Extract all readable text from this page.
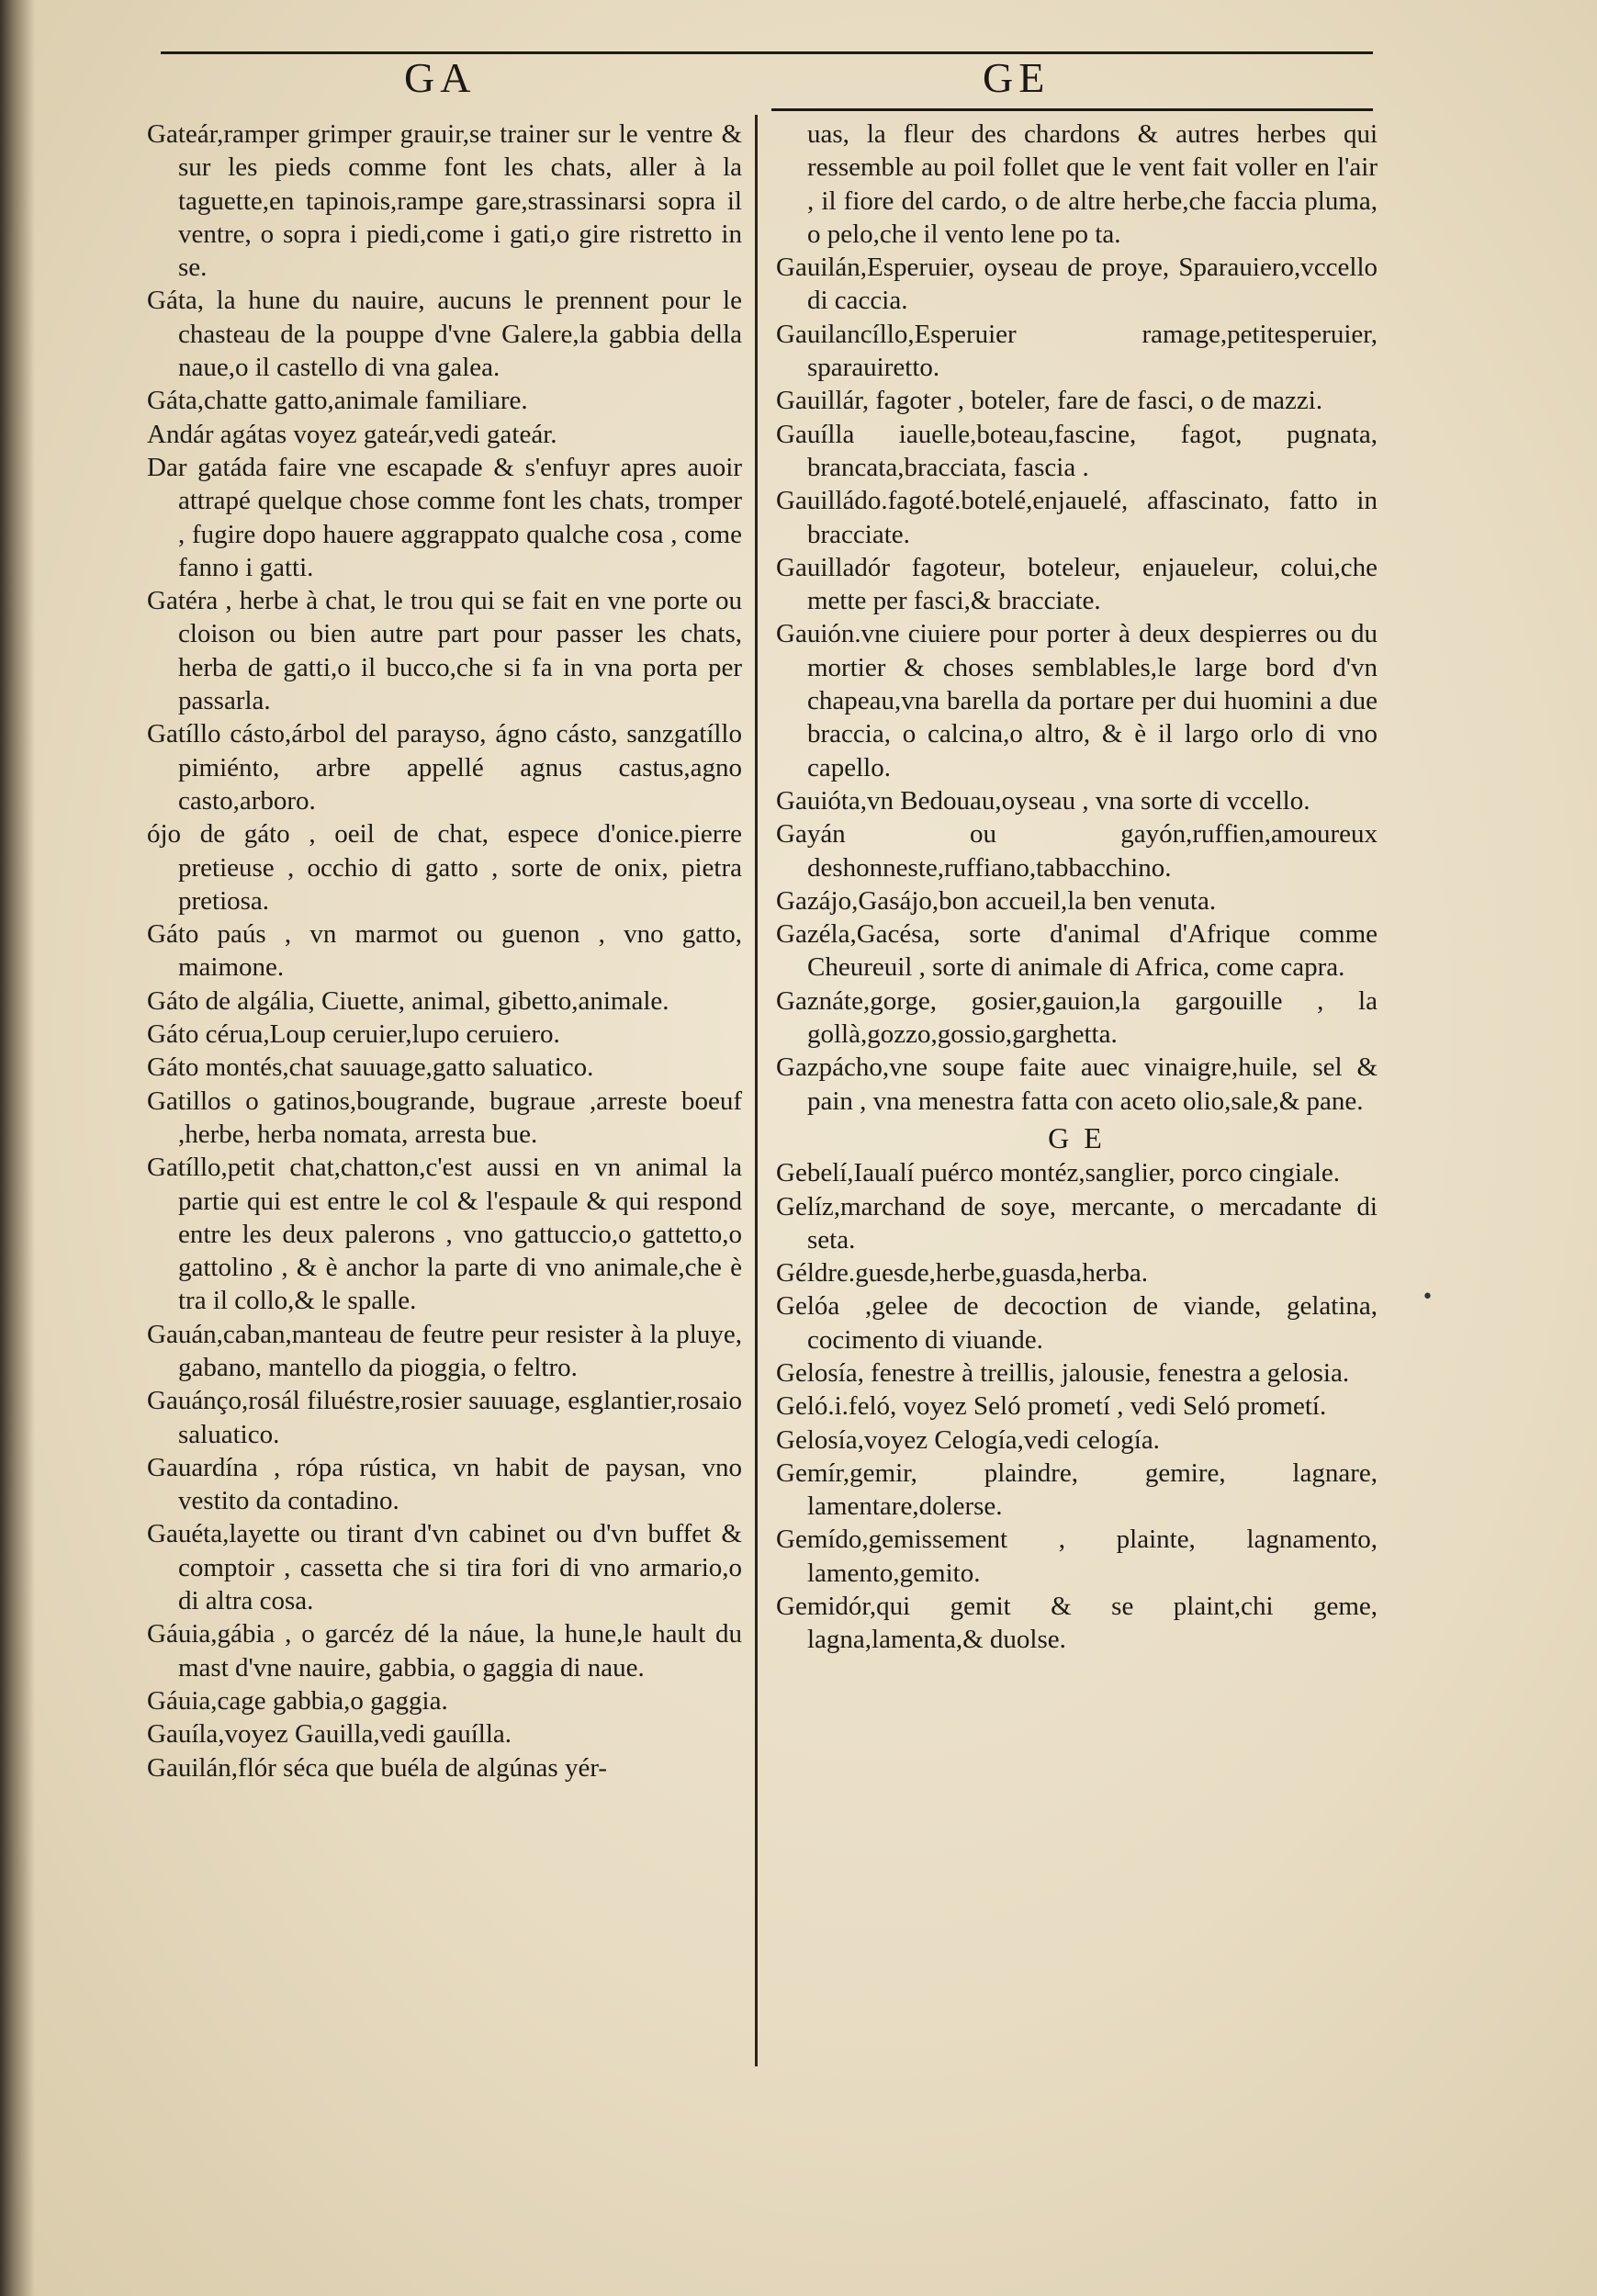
GA	GE

Gateár,ramper grimper grauir,se trainer sur le ventre & sur les pieds comme font les chats, aller à la taguette,en tapinois,rampe gare,strassinarsi sopra il ventre, o sopra i piedi,come i gati,o gire ristretto in se.

Gáta, la hune du nauire, aucuns le prennent pour le chasteau de la pouppe d'vne Galere,la gabbia della naue,o il castello di vna galea.

Gáta,chatte gatto,animale familiare.

Andár agátas voyez gateár,vedi gateár.

Dar gatáda faire vne escapade & s'enfuyr apres auoir attrapé quelque chose comme font les chats, tromper , fugire dopo hauere aggrappato qualche cosa , come fanno i gatti.

Gatéra , herbe à chat, le trou qui se fait en vne porte ou cloison ou bien autre part pour passer les chats, herba de gatti,o il bucco,che si fa in vna porta per passarla.

Gatíllo cásto,árbol del parayso, ágno cásto, sanzgatíllo pimiénto, arbre appellé agnus castus,agno casto,arboro.

ójo de gáto , oeil de chat, espece d'onice.pierre pretieuse , occhio di gatto , sorte de onix, pietra pretiosa.

Gáto paús , vn marmot ou guenon , vno gatto, maimone.

Gáto de algália, Ciuette, animal, gibetto,animale.

Gáto cérua,Loup ceruier,lupo ceruiero.

Gáto montés,chat sauuage,gatto saluatico.

Gatillos o gatinos,bougrande, bugraue ,arreste boeuf ,herbe, herba nomata, arresta bue.

Gatíllo,petit chat,chatton,c'est aussi en vn animal la partie qui est entre le col & l'espaule & qui respond entre les deux palerons , vno gattuccio,o gattetto,o gattolino , & è anchor la parte di vno animale,che è tra il collo,& le spalle.

Gauán,caban,manteau de feutre peur resister à la pluye, gabano, mantello da pioggia, o feltro.

Gauánço,rosál filuéstre,rosier sauuage, esglantier,rosaio saluatico.

Gauardína , rópa rústica, vn habit de paysan, vno vestito da contadino.

Gauéta,layette ou tirant d'vn cabinet ou d'vn buffet & comptoir , cassetta che si tira fori di vno armario,o di altra cosa.

Gáuia,gábia , o garcéz dé la náue, la hune,le hault du mast d'vne nauire, gabbia, o gaggia di naue.

Gáuia,cage gabbia,o gaggia.

Gauíla,voyez Gauilla,vedi gauílla.

Gauilán,flór séca que buéla de algúnas yér-

uas, la fleur des chardons & autres herbes qui ressemble au poil follet que le vent fait voller en l'air , il fiore del cardo, o de altre herbe,che faccia pluma, o pelo,che il vento lene po ta.

Gauilán,Esperuier, oyseau de proye, Sparauiero,vccello di caccia.

Gauilancíllo,Esperuier ramage,petitesperuier, sparauiretto.

Gauillár, fagoter , boteler, fare de fasci, o de mazzi.

Gauílla iauelle,boteau,fascine, fagot, pugnata, brancata,bracciata, fascia .

Gauilládo.fagoté.botelé,enjauelé, affascinato, fatto in bracciate.

Gauilladór fagoteur, boteleur, enjaueleur, colui,che mette per fasci,& bracciate.

Gauión.vne ciuiere pour porter à deux despierres ou du mortier & choses semblables,le large bord d'vn chapeau,vna barella da portare per dui huomini a due braccia, o calcina,o altro, & è il largo orlo di vno capello.

Gauióta,vn Bedouau,oyseau , vna sorte di vccello.

Gayán ou gayón,ruffien,amoureux deshonneste,ruffiano,tabbacchino.

Gazájo,Gasájo,bon accueil,la ben venuta.

Gazéla,Gacésa, sorte d'animal d'Afrique comme Cheureuil , sorte di animale di Africa, come capra.

Gaznáte,gorge, gosier,gauion,la gargouille , la gollà,gozzo,gossio,garghetta.

Gazpácho,vne soupe faite auec vinaigre,huile, sel & pain , vna menestra fatta con aceto olio,sale,& pane.

G E

Gebelí,Iaualí puérco montéz,sanglier, porco cingiale.

Gelíz,marchand de soye, mercante, o mercadante di seta.

Géldre.guesde,herbe,guasda,herba.

Gelóa ,gelee de decoction de viande, gelatina, cocimento di viuande.

Gelosía, fenestre à treillis, jalousie, fenestra a gelosia.

Geló.i.feló, voyez Seló prometí , vedi Seló prometí.

Gelosía,voyez Celogía,vedi celogía.

Gemír,gemir, plaindre, gemire, lagnare, lamentare,dolerse.

Gemído,gemissement , plainte, lagnamento, lamento,gemito.

Gemidór,qui gemit & se plaint,chi geme, lagna,lamenta,& duolse.

•
